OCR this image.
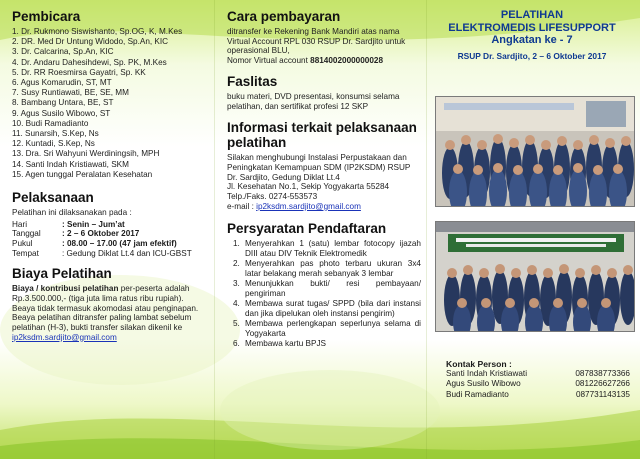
Pembicara
1. Dr. Rukmono Siswishanto, Sp.OG, K, M.Kes
2. DR. Med Dr Untung Widodo, Sp.An, KIC
3. Dr. Calcarina, Sp.An, KIC
4. Dr. Andaru Dahesihdewi, Sp. PK, M.Kes
5. Dr. RR Roesmirsa Gayatri, Sp. KK
6. Agus Komarudin, ST, MT
7. Susy Runtiawati, BE, SE, MM
8. Bambang Untara, BE, ST
9. Agus Susilo Wibowo, ST
10. Budi Ramadianto
11. Sunarsih, S.Kep, Ns
12. Kuntadi, S.Kep, Ns
13. Dra. Sri Wahyuni Werdiningsih, MPH
14. Santi Indah Kristiawati, SKM
15. Agen tunggal Peralatan Kesehatan
Pelaksanaan
Pelatihan ini dilaksanakan pada :
Hari	: Senin – Jum’at
Tanggal	: 2 – 6 Oktober 2017
Pukul	: 08.00 – 17.00 (47 jam efektif)
Tempat	: Gedung Diklat Lt.4 dan ICU-GBST
Biaya Pelatihan
Biaya / kontribusi pelatihan per-peserta adalah Rp.3.500.000,- (tiga juta lima ratus ribu rupiah).
Beaya tidak termasuk akomodasi atau penginapan.
Beaya pelatihan ditransfer paling lambat sebelum pelatihan (H-3), bukti transfer silakan dikenil ke ip2ksdm.sardjito@gmail.com
Cara pembayaran
ditransfer ke Rekening Bank Mandiri atas nama Virtual Account RPL 030 RSUP Dr. Sardjito untuk operasional BLU,
Nomor Virtual account 8814002000000028
Faslitas
buku materi, DVD presentasi, konsumsi selama pelatihan, dan sertifikat profesi 12 SKP
Informasi terkait pelaksanaan pelatihan
Silakan menghubungi Instalasi Perpustakaan dan Peningkatan Kemampuan SDM (IP2KSDM) RSUP Dr. Sardjito, Gedung Diklat Lt.4
Jl. Kesehatan No.1, Sekip Yogyakarta 55284
Telp./Faks. 0274-553573
e-mail : ip2ksdm.sardjito@gmail.com
Persyaratan Pendaftaran
1. Menyerahkan 1 (satu) lembar fotocopy ijazah DIII atau DIV Teknik Elektromedik
2. Menyerahkan pas photo terbaru ukuran 3x4 latar belakang merah sebanyak 3 lembar
3. Menunjukkan bukti/ resi pembayaan/ pengiriman
4. Membawa surat tugas/ SPPD (bila dari instansi dan jika dipelukan oleh instansi pengirim)
5. Membawa perlengkapan seperlunya selama di Yogyakarta
6. Membawa kartu BPJS
PELATIHAN
ELEKTROMEDIS LIFESUPPORT
Angkatan ke - 7
RSUP Dr. Sardjito, 2 – 6 Oktober 2017
Kontak Person :
Santi Indah Kristiawati	087838773366
Agus Susilo Wibowo	081226627266
Budi Ramadianto	087731143135
